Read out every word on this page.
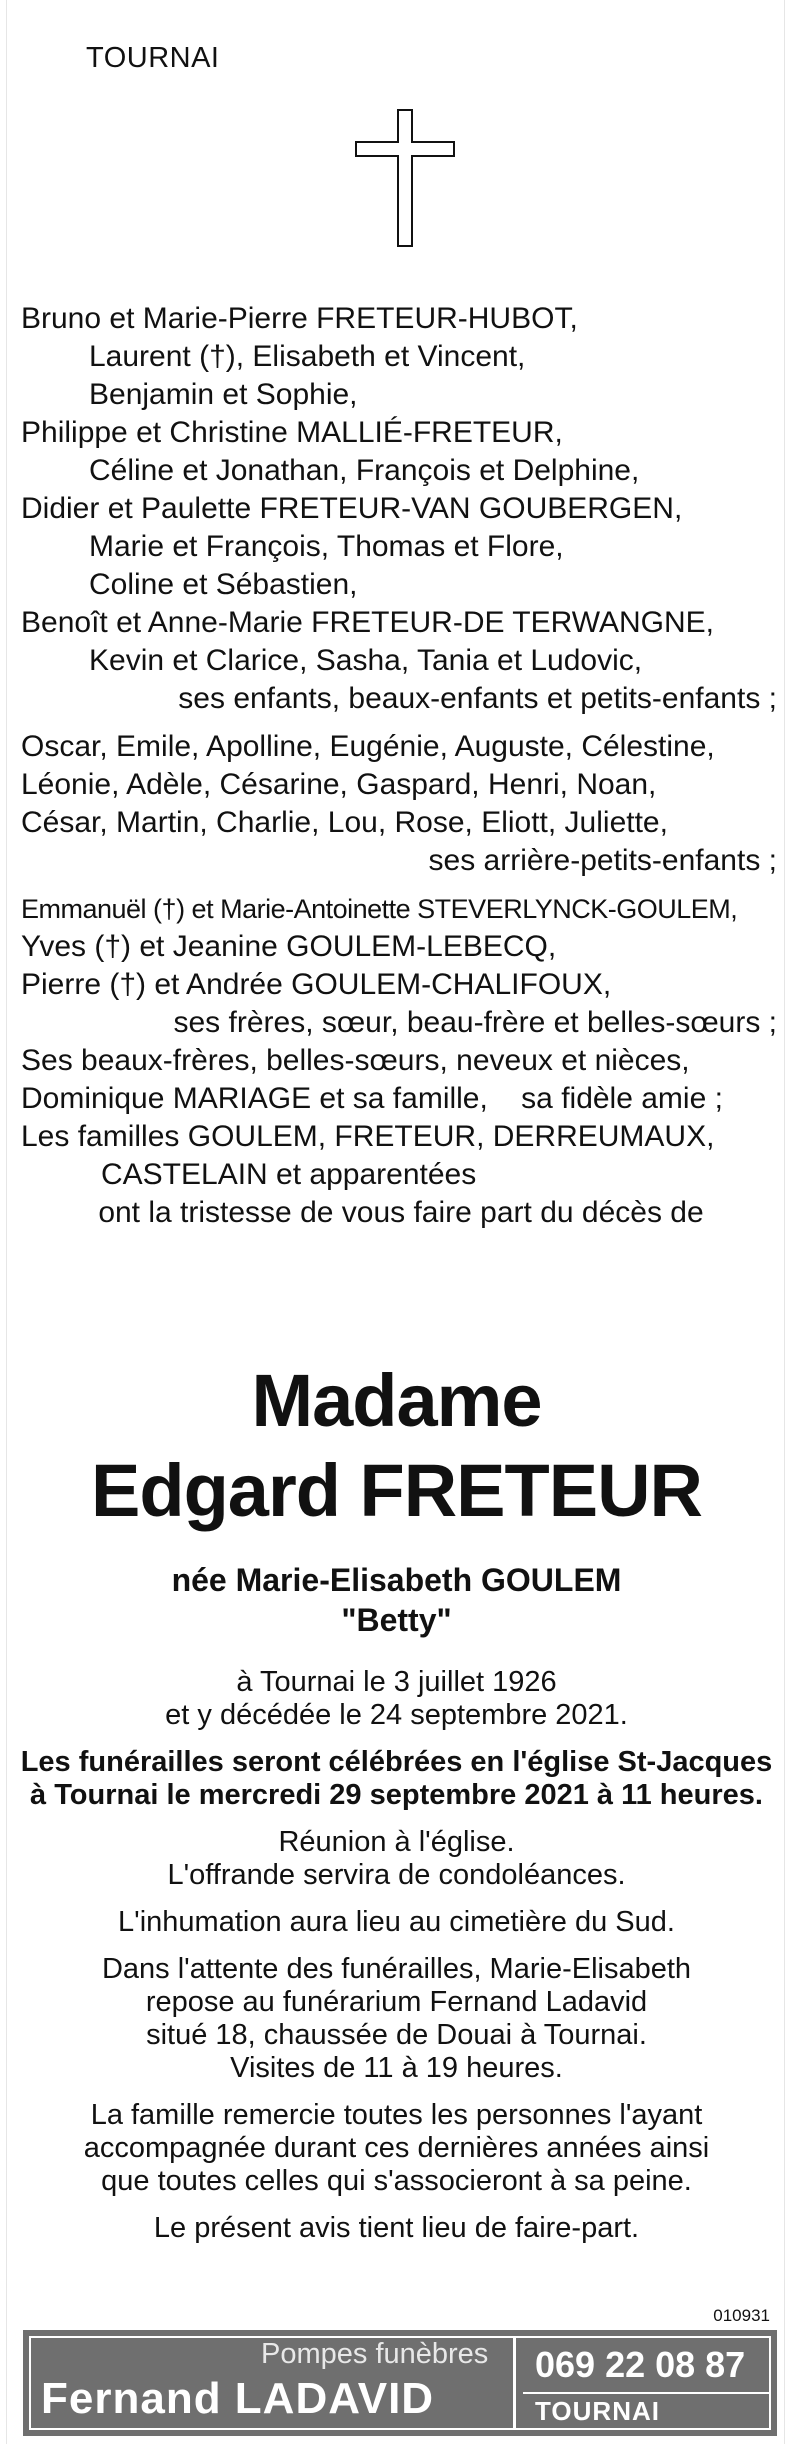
TOURNAI
Bruno et Marie-Pierre FRETEUR-HUBOT,
Laurent (†), Elisabeth et Vincent,
Benjamin et Sophie,
Philippe et Christine MALLIÉ-FRETEUR,
Céline et Jonathan, François et Delphine,
Didier et Paulette FRETEUR-VAN GOUBERGEN,
Marie et François, Thomas et Flore,
Coline et Sébastien,
Benoît et Anne-Marie FRETEUR-DE TERWANGNE,
Kevin et Clarice, Sasha, Tania et Ludovic,
ses enfants, beaux-enfants et petits-enfants ;
Oscar, Emile, Apolline, Eugénie, Auguste, Célestine,
Léonie, Adèle, Césarine, Gaspard, Henri, Noan,
César, Martin, Charlie, Lou, Rose, Eliott, Juliette,
ses arrière-petits-enfants ;
Emmanuël (†) et Marie-Antoinette STEVERLYNCK-GOULEM,
Yves (†) et Jeanine GOULEM-LEBECQ,
Pierre (†) et Andrée GOULEM-CHALIFOUX,
ses frères, sœur, beau-frère et belles-sœurs ;
Ses beaux-frères, belles-sœurs, neveux et nièces,
Dominique MARIAGE et sa famille,    sa fidèle amie ;
Les familles GOULEM, FRETEUR, DERREUMAUX,
CASTELAIN et apparentées
ont la tristesse de vous faire part du décès de
Madame
Edgard FRETEUR
née Marie-Elisabeth GOULEM
"Betty"
à Tournai le 3 juillet 1926
et y décédée le 24 septembre 2021.
Les funérailles seront célébrées en l'église St-Jacques
à Tournai le mercredi 29 septembre 2021 à 11 heures.
Réunion à l'église.
L'offrande servira de condoléances.
L'inhumation aura lieu au cimetière du Sud.
Dans l'attente des funérailles, Marie-Elisabeth
repose au funérarium Fernand Ladavid
situé 18, chaussée de Douai à Tournai.
Visites de 11 à 19 heures.
La famille remercie toutes les personnes l'ayant
accompagnée durant ces dernières années ainsi
que toutes celles qui s'associeront à sa peine.
Le présent avis tient lieu de faire-part.
010931
Pompes funèbres
Fernand LADAVID
069 22 08 87
TOURNAI
